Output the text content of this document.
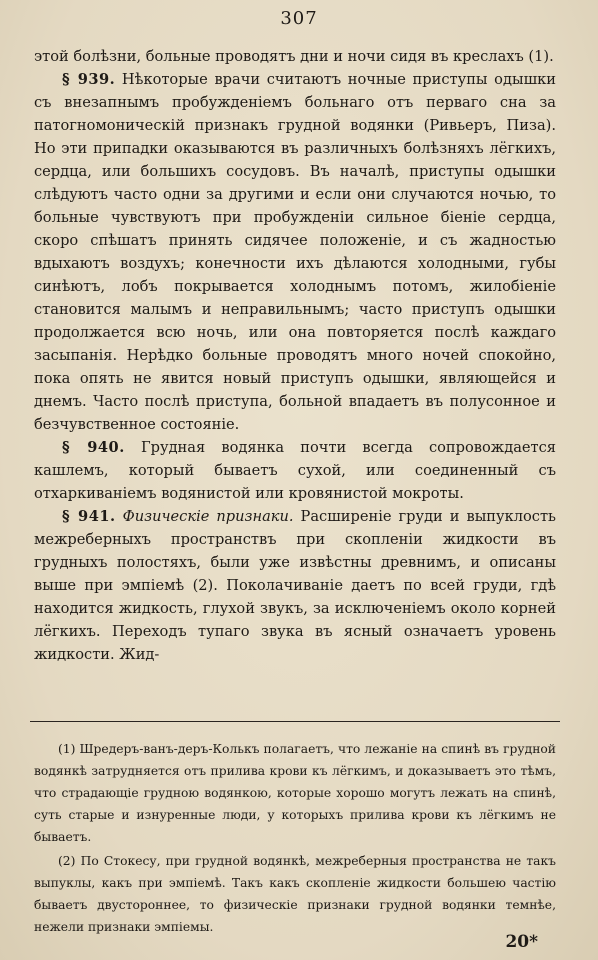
307

этой болѣзни, больные проводятъ дни и ночи сидя въ креслахъ (1).

§ 939. Нѣкоторые врачи считаютъ ночные приступы одышки съ внезапнымъ пробужденіемъ больнаго отъ перваго сна за патогномоническій признакъ грудной водянки (Ривьеръ, Пиза). Но эти припадки оказываются въ различныхъ болѣзняхъ лёгкихъ, сердца, или большихъ сосудовъ. Въ началѣ, приступы одышки слѣдуютъ часто одни за другими и если они случаются ночью, то больные чувствуютъ при пробужденіи сильное біеніе сердца, скоро спѣшатъ принять сидячее положеніе, и съ жадностью вдыхаютъ воздухъ; конечности ихъ дѣлаются холодными, губы синѣютъ, лобъ покрывается холоднымъ потомъ, жилобіеніе становится малымъ и неправильнымъ; часто приступъ одышки продолжается всю ночь, или она повторяется послѣ каждаго засыпанія. Нерѣдко больные проводятъ много ночей спокойно, пока опять не явится новый приступъ одышки, являющейся и днемъ. Часто послѣ приступа, больной впадаетъ въ полусонное и безчувственное состояніе.

§ 940. Грудная водянка почти всегда сопровождается кашлемъ, который бываетъ сухой, или соединенный съ отхаркиваніемъ водянистой или кровянистой мокроты.

§ 941. Физическіе признаки. Расширеніе груди и выпуклость межреберныхъ пространствъ при скопленіи жидкости въ грудныхъ полостяхъ, были уже извѣстны древнимъ, и описаны выше при эмпіемѣ (2). Поколачиваніе даетъ по всей груди, гдѣ находится жидкость, глухой звукъ, за исключеніемъ около корней лёгкихъ. Переходъ тупаго звука въ ясный означаетъ уровень жидкости. Жид-

(1) Шредеръ-ванъ-деръ-Колькъ полагаетъ, что лежаніе на спинѣ въ грудной водянкѣ затрудняется отъ прилива крови къ лёгкимъ, и доказываетъ это тѣмъ, что страдающіе грудною водянкою, которые хорошо могутъ лежать на спинѣ, суть старые и изнуренные люди, у которыхъ прилива крови къ лёгкимъ не бываетъ.

(2) По Стокесу, при грудной водянкѣ, межреберныя пространства не такъ выпуклы, какъ при эмпіемѣ. Такъ какъ скопленіе жидкости большею частію бываетъ двустороннее, то физическіе признаки грудной водянки темнѣе, нежели признаки эмпіемы.

20*
